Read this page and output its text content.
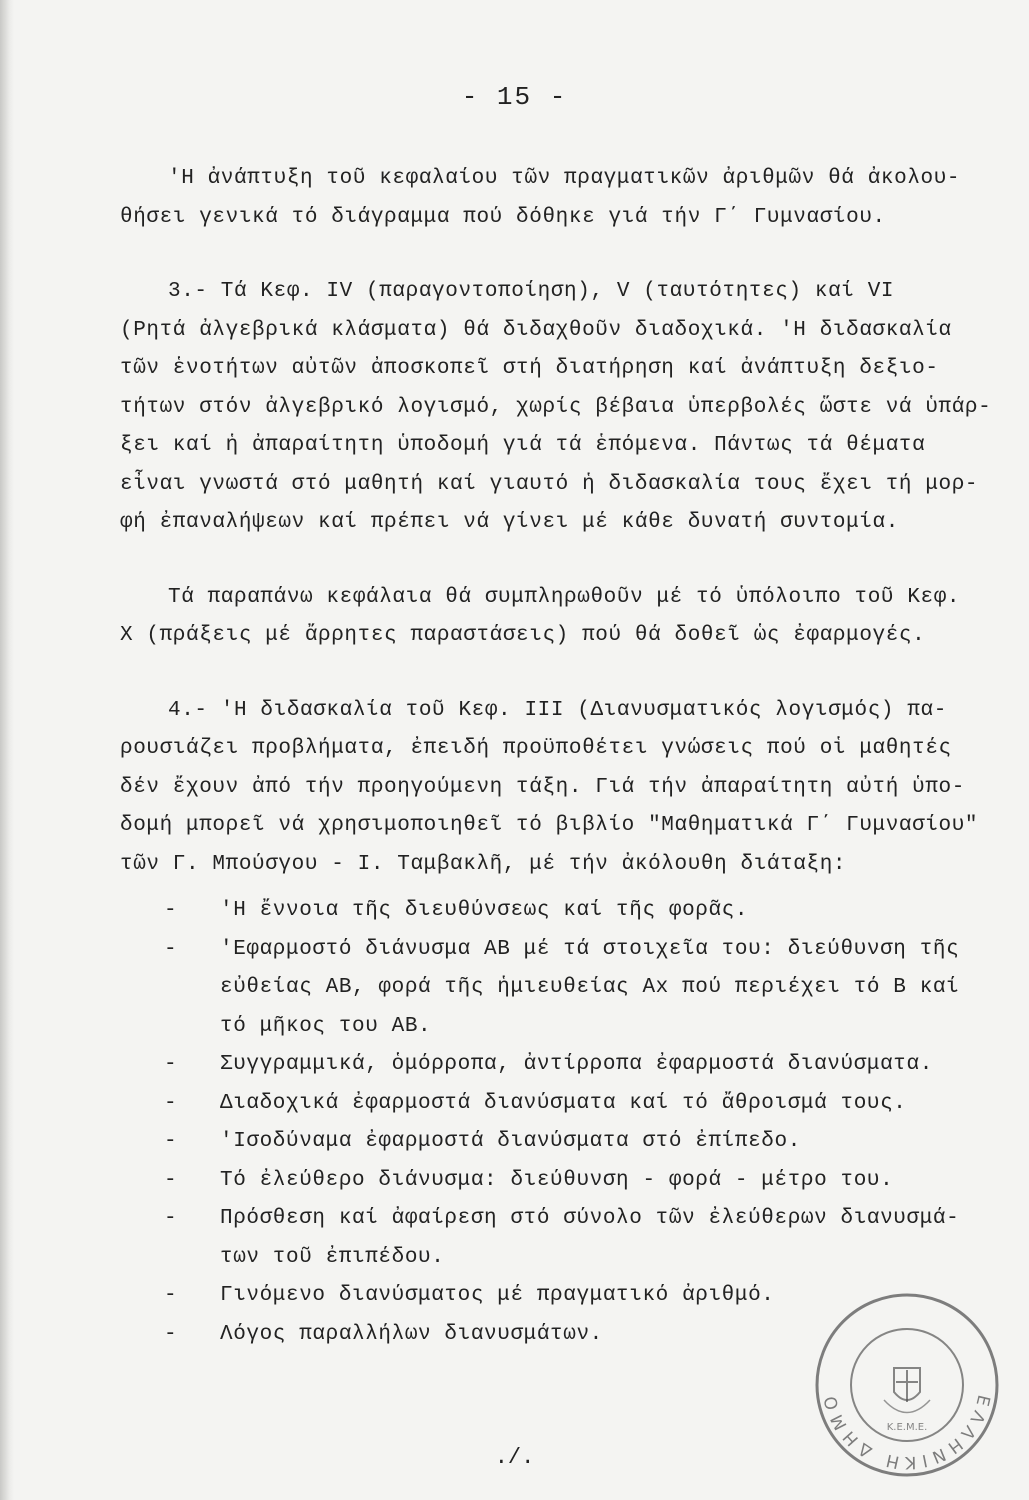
- 15 -

'Η ἀνάπτυξη τοῦ κεφαλαίου τῶν πραγματικῶν ἀριθμῶν θά ἀκολου-
θήσει γενικά τό διάγραμμα πού δόθηκε γιά τήν Γ΄ Γυμνασίου.

3.- Τά Κεφ. IV (παραγοντοποίηση), V (ταυτότητες) καί VI
(Ρητά ἀλγεβρικά κλάσματα) θά διδαχθοῦν διαδοχικά. 'Η διδασκαλία
τῶν ἑνοτήτων αὐτῶν ἀποσκοπεῖ στή διατήρηση καί ἀνάπτυξη δεξιο-
τήτων στόν ἀλγεβρικό λογισμό, χωρίς βέβαια ὑπερβολές ὥστε νά ὑπάρ-
ξει καί ἡ ἀπαραίτητη ὑποδομή γιά τά ἑπόμενα. Πάντως τά θέματα
εἶναι γνωστά στό μαθητή καί γιαυτό ἡ διδασκαλία τους ἔχει τή μορ-
φή ἐπαναλήψεων καί πρέπει νά γίνει μέ κάθε δυνατή συντομία.

Τά παραπάνω κεφάλαια θά συμπληρωθοῦν μέ τό ὑπόλοιπο τοῦ Κεφ.
X (πράξεις μέ ἄρρητες παραστάσεις) πού θά δοθεῖ ὡς ἐφαρμογές.

4.- 'Η διδασκαλία τοῦ Κεφ. III (Διανυσματικός λογισμός) πα-
ρουσιάζει προβλήματα, ἐπειδή προϋποθέτει γνώσεις πού οἱ μαθητές
δέν ἔχουν ἀπό τήν προηγούμενη τάξη. Γιά τήν ἀπαραίτητη αὐτή ὑπο-
δομή μπορεῖ νά χρησιμοποιηθεῖ τό βιβλίο "Μαθηματικά Γ΄ Γυμνασίου"
τῶν Γ. Μπούσγου - Ι. Ταμβακλῆ, μέ τήν ἀκόλουθη διάταξη:

- 'Η ἔννοια τῆς διευθύνσεως καί τῆς φορᾶς.
- 'Εφαρμοστό διάνυσμα ΑΒ μέ τά στοιχεῖα του: διεύθυνση τῆς
εὐθείας ΑΒ, φορά τῆς ἡμιευθείας Αx πού περιέχει τό Β καί
τό μῆκος του ΑΒ.
- Συγγραμμικά, ὁμόρροπα, ἀντίρροπα ἐφαρμοστά διανύσματα.
- Διαδοχικά ἐφαρμοστά διανύσματα καί τό ἄθροισμά τους.
- 'Ισοδύναμα ἐφαρμοστά διανύσματα στό ἐπίπεδο.
- Τό ἐλεύθερο διάνυσμα: διεύθυνση - φορά - μέτρο του.
- Πρόσθεση καί ἀφαίρεση στό σύνολο τῶν ἐλεύθερων διανυσμά-
των τοῦ ἐπιπέδου.
- Γινόμενο διανύσματος μέ πραγματικό ἀριθμό.
- Λόγος παραλλήλων διανυσμάτων.
ΕΛΛΗΝΙΚΗ ΔΗΜΟ
Κ.Ε.Μ.Ε.
./.
